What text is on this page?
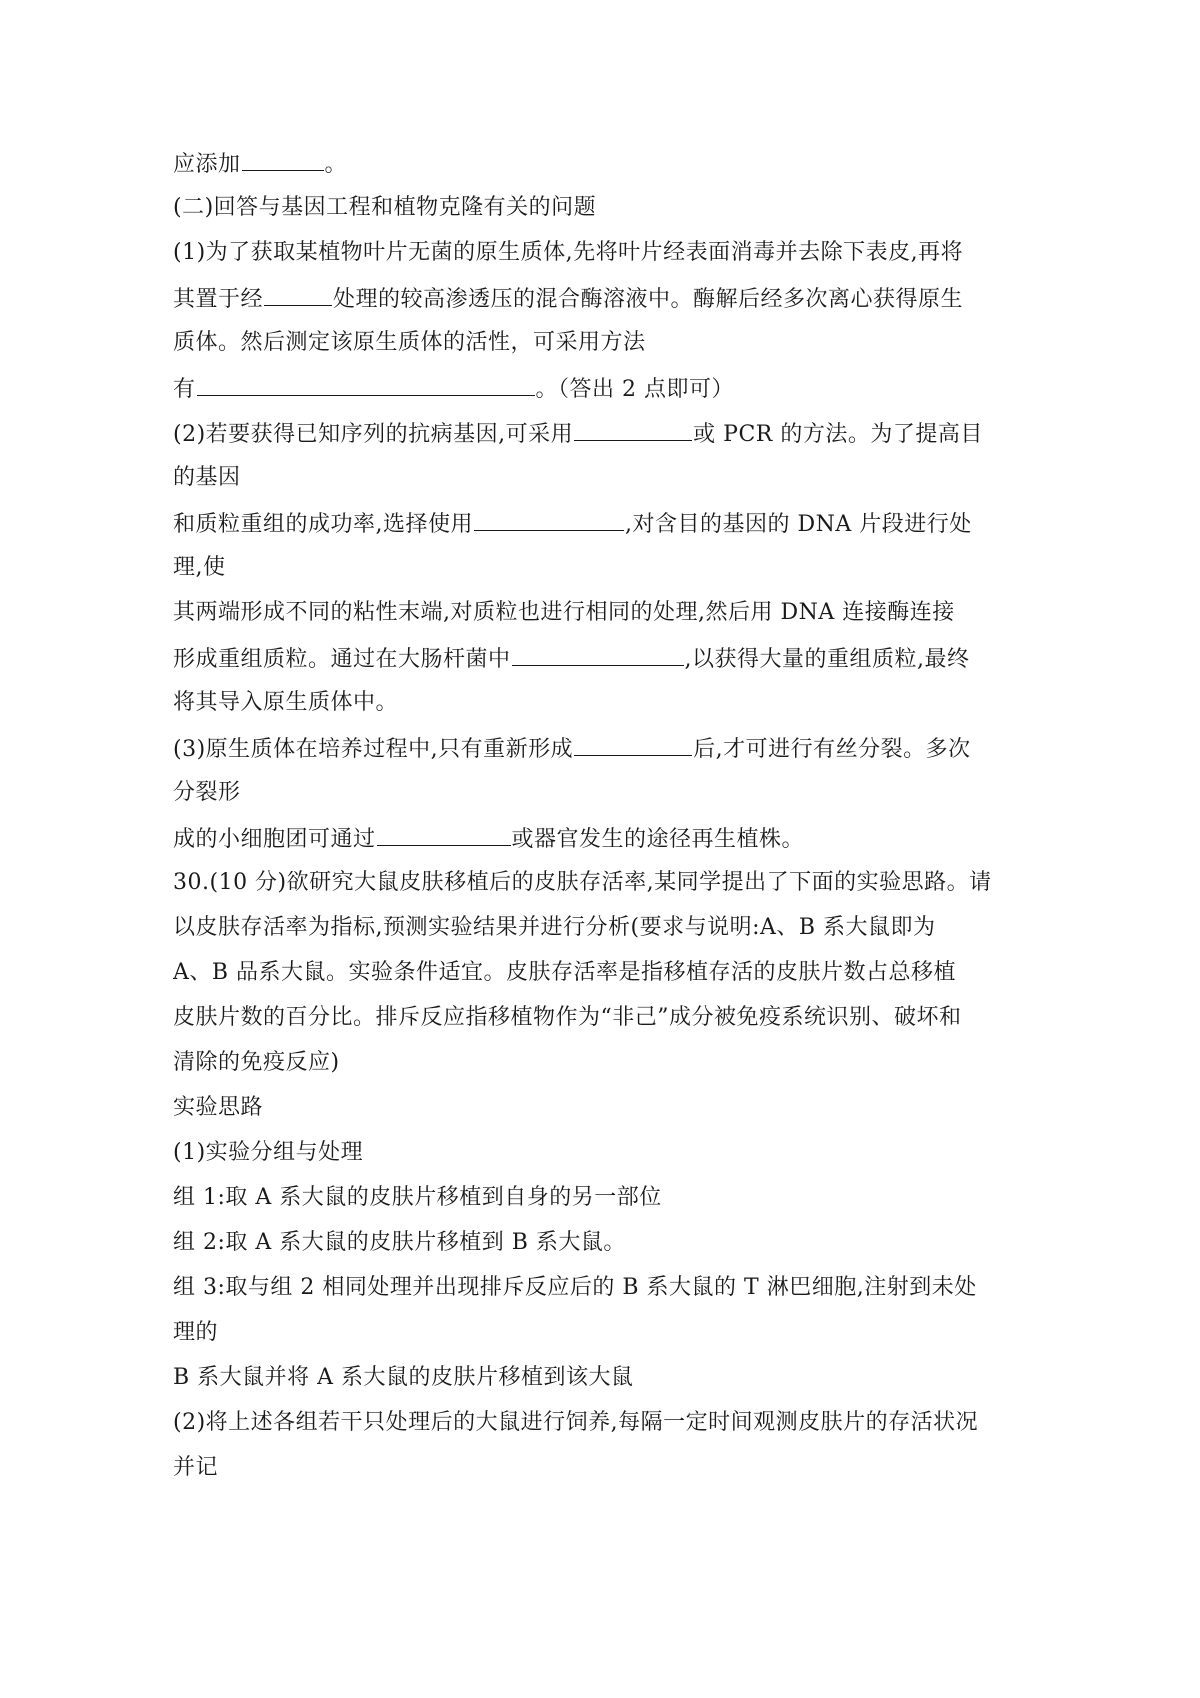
应添加	。
(二)回答与基因工程和植物克隆有关的问题
(1)为了获取某植物叶片无菌的原生质体,先将叶片经表面消毒并去除下表皮,再将
其置于经	处理的较高渗透压的混合酶溶液中。酶解后经多次离心获得原生
质体。然后测定该原生质体的活性，可采用方法
有	。（答出 2 点即可）
(2)若要获得已知序列的抗病基因,可采用	或 PCR 的方法。为了提高目
的基因
和质粒重组的成功率,选择使用	,对含目的基因的 DNA 片段进行处
理,使
其两端形成不同的粘性末端,对质粒也进行相同的处理,然后用 DNA 连接酶连接
形成重组质粒。通过在大肠杆菌中	,以获得大量的重组质粒,最终
将其导入原生质体中。
(3)原生质体在培养过程中,只有重新形成	后,才可进行有丝分裂。多次
分裂形
成的小细胞团可通过	或器官发生的途径再生植株。
30.(10 分)欲研究大鼠皮肤移植后的皮肤存活率,某同学提出了下面的实验思路。请
以皮肤存活率为指标,预测实验结果并进行分析(要求与说明:A、B 系大鼠即为
A、B 品系大鼠。实验条件适宜。皮肤存活率是指移植存活的皮肤片数占总移植
皮肤片数的百分比。排斥反应指移植物作为“非己”成分被免疫系统识别、破坏和
清除的免疫反应)
实验思路
(1)实验分组与处理
组 1:取 A 系大鼠的皮肤片移植到自身的另一部位
组 2:取 A 系大鼠的皮肤片移植到 B 系大鼠。
组 3:取与组 2 相同处理并出现排斥反应后的 B 系大鼠的 T 淋巴细胞,注射到未处
理的
B 系大鼠并将 A 系大鼠的皮肤片移植到该大鼠
(2)将上述各组若干只处理后的大鼠进行饲养,每隔一定时间观测皮肤片的存活状况
并记
